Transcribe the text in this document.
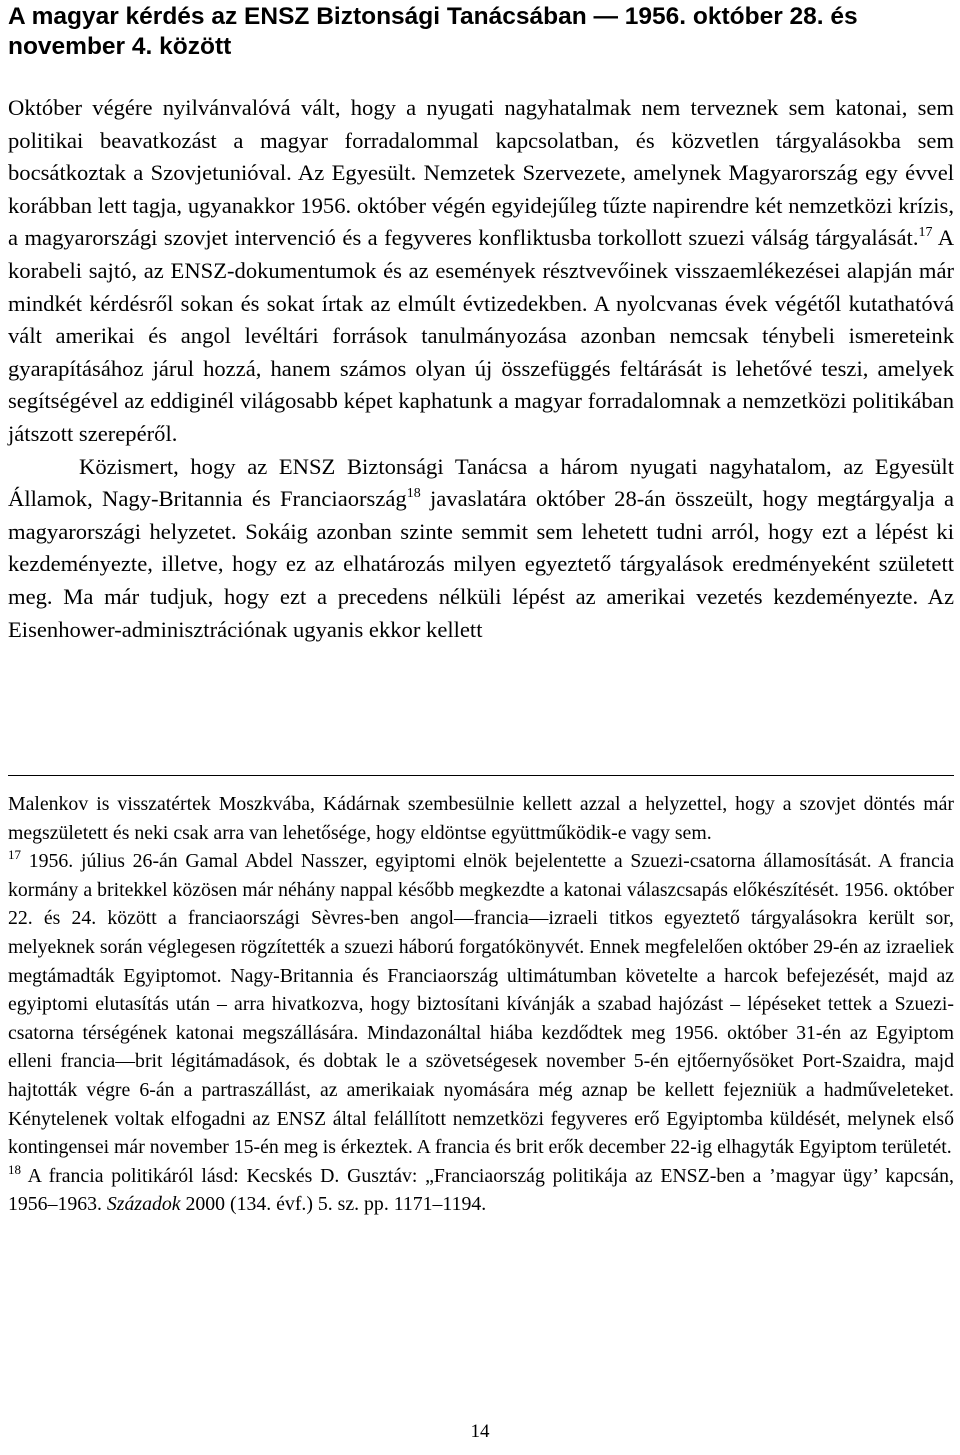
A magyar kérdés az ENSZ Biztonsági Tanácsában — 1956. október 28. és november 4. között

Október végére nyilvánvalóvá vált, hogy a nyugati nagyhatalmak nem terveznek sem katonai, sem politikai beavatkozást a magyar forradalommal kapcsolatban, és közvetlen tárgyalásokba sem bocsátkoztak a Szovjetunióval. Az Egyesült. Nemzetek Szervezete, amelynek Magyarország egy évvel korábban lett tagja, ugyanakkor 1956. október végén egyidejűleg tűzte napirendre két nemzetközi krízis, a magyarországi szovjet intervenció és a fegyveres konfliktusba torkollott szuezi válság tárgyalását.$^{17}$ A korabeli sajtó, az ENSZ-dokumentumok és az események résztvevőinek visszaemlékezései alapján már mindkét kérdésről sokan és sokat írtak az elmúlt évtizedekben. A nyolcvanas évek végétől kutathatóvá vált amerikai és angol levéltári források tanulmányozása azonban nemcsak ténybeli ismereteink gyarapításához járul hozzá, hanem számos olyan új összefüggés feltárását is lehetővé teszi, amelyek segítségével az eddiginél világosabb képet kaphatunk a magyar forradalomnak a nemzetközi politikában játszott szerepéről.

Közismert, hogy az ENSZ Biztonsági Tanácsa a három nyugati nagyhatalom, az Egyesült Államok, Nagy-Britannia és Franciaország$^{18}$ javaslatára október 28-án összeült, hogy megtárgyalja a magyarországi helyzetet. Sokáig azonban szinte semmit sem lehetett tudni arról, hogy ezt a lépést ki kezdeményezte, illetve, hogy ez az elhatározás milyen egyeztető tárgyalások eredményeként született meg. Ma már tudjuk, hogy ezt a precedens nélküli lépést az amerikai vezetés kezdeményezte. Az Eisenhower-adminisztrációnak ugyanis ekkor kellett

Malenkov is visszatértek Moszkvába, Kádárnak szembesülnie kellett azzal a helyzettel, hogy a szovjet döntés már megszületett és neki csak arra van lehetősége, hogy eldöntse együttműködik-e vagy sem.

$^{17}$ 1956. július 26-án Gamal Abdel Nasszer, egyiptomi elnök bejelentette a Szuezi-csatorna államosítását. A francia kormány a britekkel közösen már néhány nappal később megkezdte a katonai válaszcsapás előkészítését. 1956. október 22. és 24. között a franciaországi Sèvres-ben angol—francia—izraeli titkos egyeztető tárgyalásokra került sor, melyeknek során véglegesen rögzítették a szuezi háború forgatókönyvét. Ennek megfelelően október 29-én az izraeliek megtámadták Egyiptomot. Nagy-Britannia és Franciaország ultimátumban követelte a harcok befejezését, majd az egyiptomi elutasítás után – arra hivatkozva, hogy biztosítani kívánják a szabad hajózást – lépéseket tettek a Szuezi-csatorna térségének katonai megszállására. Mindazonáltal hiába kezdődtek meg 1956. október 31-én az Egyiptom elleni francia—brit légitámadások, és dobtak le a szövetségesek november 5-én ejtőernyősöket Port-Szaidra, majd hajtották végre 6-án a partraszállást, az amerikaiak nyomására még aznap be kellett fejezniük a hadműveleteket. Kénytelenek voltak elfogadni az ENSZ által felállított nemzetközi fegyveres erő Egyiptomba küldését, melynek első kontingensei már november 15-én meg is érkeztek. A francia és brit erők december 22-ig elhagyták Egyiptom területét.

$^{18}$ A francia politikáról lásd: Kecskés D. Gusztáv: „Franciaország politikája az ENSZ-ben a ’magyar ügy’ kapcsán, 1956–1963. Századok 2000 (134. évf.) 5. sz. pp. 1171–1194.

14
